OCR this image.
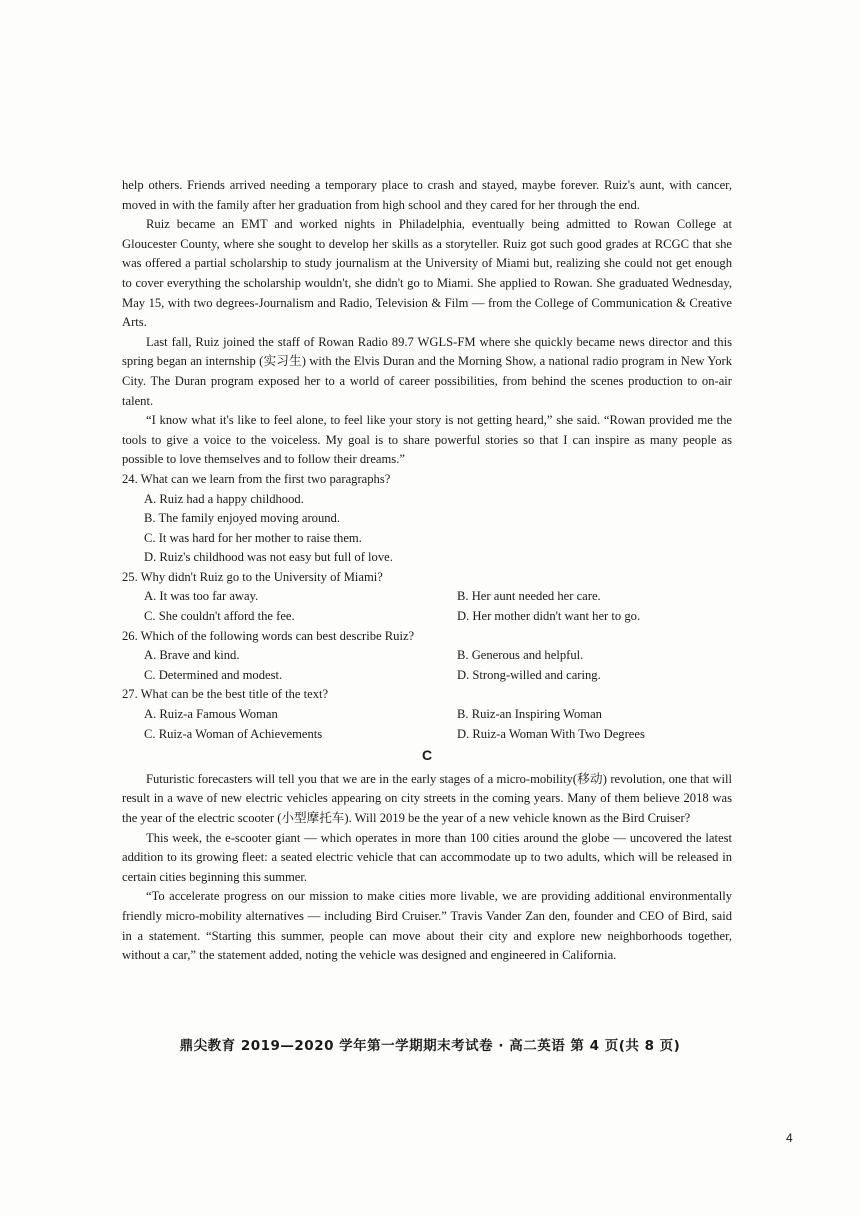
help others. Friends arrived needing a temporary place to crash and stayed, maybe forever. Ruiz's aunt, with cancer, moved in with the family after her graduation from high school and they cared for her through the end.

Ruiz became an EMT and worked nights in Philadelphia, eventually being admitted to Rowan College at Gloucester County, where she sought to develop her skills as a storyteller. Ruiz got such good grades at RCGC that she was offered a partial scholarship to study journalism at the University of Miami but, realizing she could not get enough to cover everything the scholarship wouldn't, she didn't go to Miami. She applied to Rowan. She graduated Wednesday, May 15, with two degrees-Journalism and Radio, Television & Film — from the College of Communication & Creative Arts.

Last fall, Ruiz joined the staff of Rowan Radio 89.7 WGLS-FM where she quickly became news director and this spring began an internship (实习生) with the Elvis Duran and the Morning Show, a national radio program in New York City. The Duran program exposed her to a world of career possibilities, from behind the scenes production to on-air talent.

“I know what it's like to feel alone, to feel like your story is not getting heard,” she said. “Rowan provided me the tools to give a voice to the voiceless. My goal is to share powerful stories so that I can inspire as many people as possible to love themselves and to follow their dreams.”

24. What can we learn from the first two paragraphs?

A. Ruiz had a happy childhood.

B. The family enjoyed moving around.

C. It was hard for her mother to raise them.

D. Ruiz's childhood was not easy but full of love.

25. Why didn't Ruiz go to the University of Miami?

A. It was too far away.	B. Her aunt needed her care.
C. She couldn't afford the fee.	D. Her mother didn't want her to go.

26. Which of the following words can best describe Ruiz?

A. Brave and kind.	B. Generous and helpful.
C. Determined and modest.	D. Strong-willed and caring.

27. What can be the best title of the text?

A. Ruiz-a Famous Woman	B. Ruiz-an Inspiring Woman
C. Ruiz-a Woman of Achievements	D. Ruiz-a Woman With Two Degrees
C

Futuristic forecasters will tell you that we are in the early stages of a micro-mobility(移动) revolution, one that will result in a wave of new electric vehicles appearing on city streets in the coming years. Many of them believe 2018 was the year of the electric scooter (小型摩托车). Will 2019 be the year of a new vehicle known as the Bird Cruiser?

This week, the e-scooter giant — which operates in more than 100 cities around the globe — uncovered the latest addition to its growing fleet: a seated electric vehicle that can accommodate up to two adults, which will be released in certain cities beginning this summer.

“To accelerate progress on our mission to make cities more livable, we are providing additional environmentally friendly micro-mobility alternatives — including Bird Cruiser.” Travis Vander Zan den, founder and CEO of Bird, said in a statement. “Starting this summer, people can move about their city and explore new neighborhoods together, without a car,” the statement added, noting the vehicle was designed and engineered in California.

鼎尖教育 2019—2020 学年第一学期期末考试卷 · 高二英语 第 4 页(共 8 页)
4
